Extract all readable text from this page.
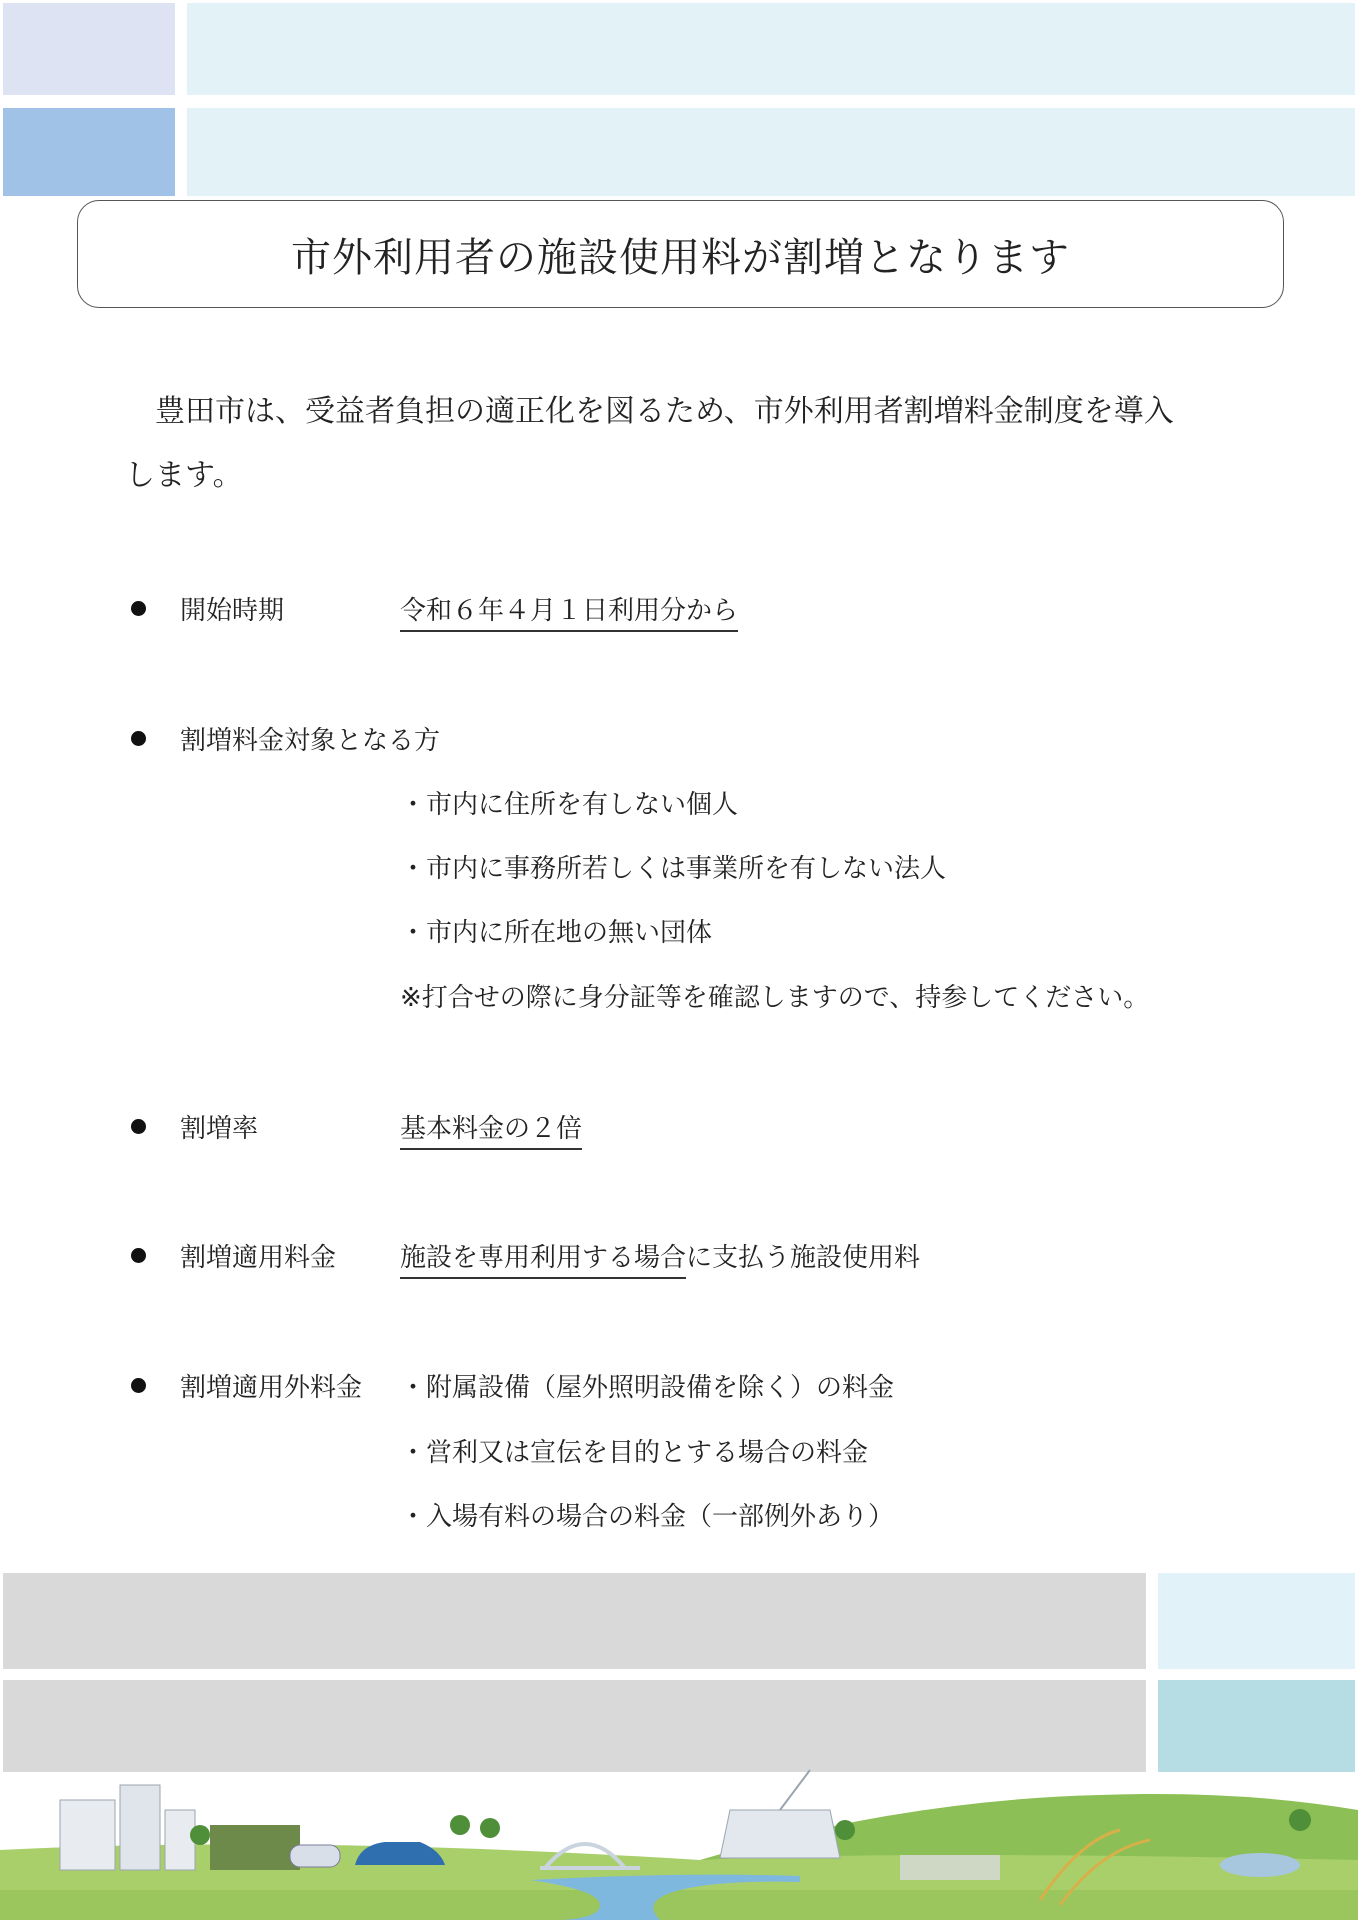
市外利用者の施設使用料が割増となります
豊田市は、受益者負担の適正化を図るため、市外利用者割増料金制度を導入
します。
開始時期	令和６年４月１日利用分から
割増料金対象となる方
・市内に住所を有しない個人
・市内に事務所若しくは事業所を有しない法人
・市内に所在地の無い団体
※打合せの際に身分証等を確認しますので、持参してください。
割増率	基本料金の２倍
割増適用料金 施設を専用利用する場合に支払う施設使用料
割増適用外料金 ・附属設備（屋外照明設備を除く）の料金
・営利又は宣伝を目的とする場合の料金
・入場有料の場合の料金（一部例外あり）
